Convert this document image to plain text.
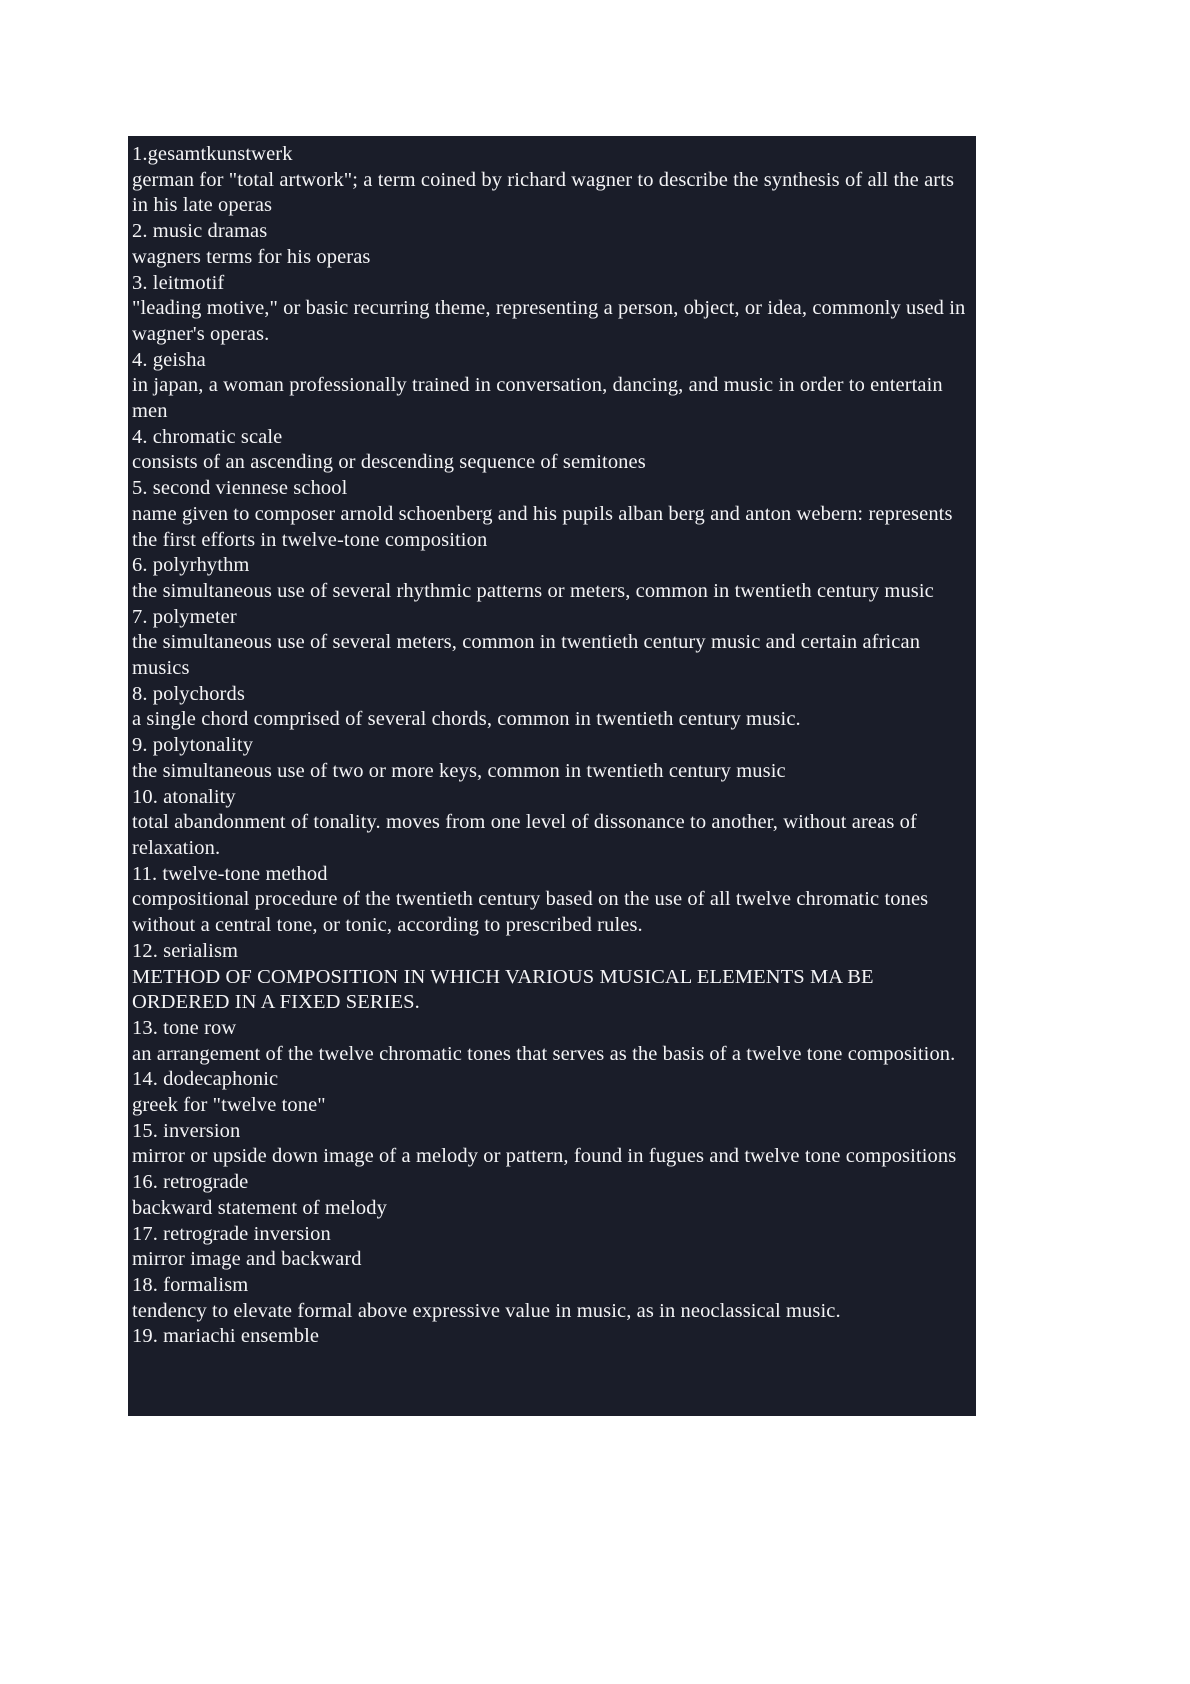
1.gesamtkunstwerk
german for "total artwork"; a term coined by richard wagner to describe the synthesis of all the arts in his late operas
2. music dramas
wagners terms for his operas
3. leitmotif
"leading motive," or basic recurring theme, representing a person, object, or idea, commonly used in wagner's operas.
4. geisha
in japan, a woman professionally trained in conversation, dancing, and music in order to entertain men
4. chromatic scale
consists of an ascending or descending sequence of semitones
5. second viennese school
name given to composer arnold schoenberg and his pupils alban berg and anton webern: represents the first efforts in twelve-tone composition
6. polyrhythm
the simultaneous use of several rhythmic patterns or meters, common in twentieth century music
7. polymeter
the simultaneous use of several meters, common in twentieth century music and certain african musics
8. polychords
a single chord comprised of several chords, common in twentieth century music.
9. polytonality
the simultaneous use of two or more keys, common in twentieth century music
10. atonality
total abandonment of tonality. moves from one level of dissonance to another, without areas of relaxation.
11. twelve-tone method
compositional procedure of the twentieth century based on the use of all twelve chromatic tones without a central tone, or tonic, according to prescribed rules.
12. serialism
METHOD OF COMPOSITION IN WHICH VARIOUS MUSICAL ELEMENTS MA BE ORDERED IN A FIXED SERIES.
13. tone row
an arrangement of the twelve chromatic tones that serves as the basis of a twelve tone composition.
14. dodecaphonic
greek for "twelve tone"
15. inversion
mirror or upside down image of a melody or pattern, found in fugues and twelve tone compositions
16. retrograde
backward statement of melody
17. retrograde inversion
mirror image and backward
18. formalism
tendency to elevate formal above expressive value in music, as in neoclassical music.
19. mariachi ensemble
